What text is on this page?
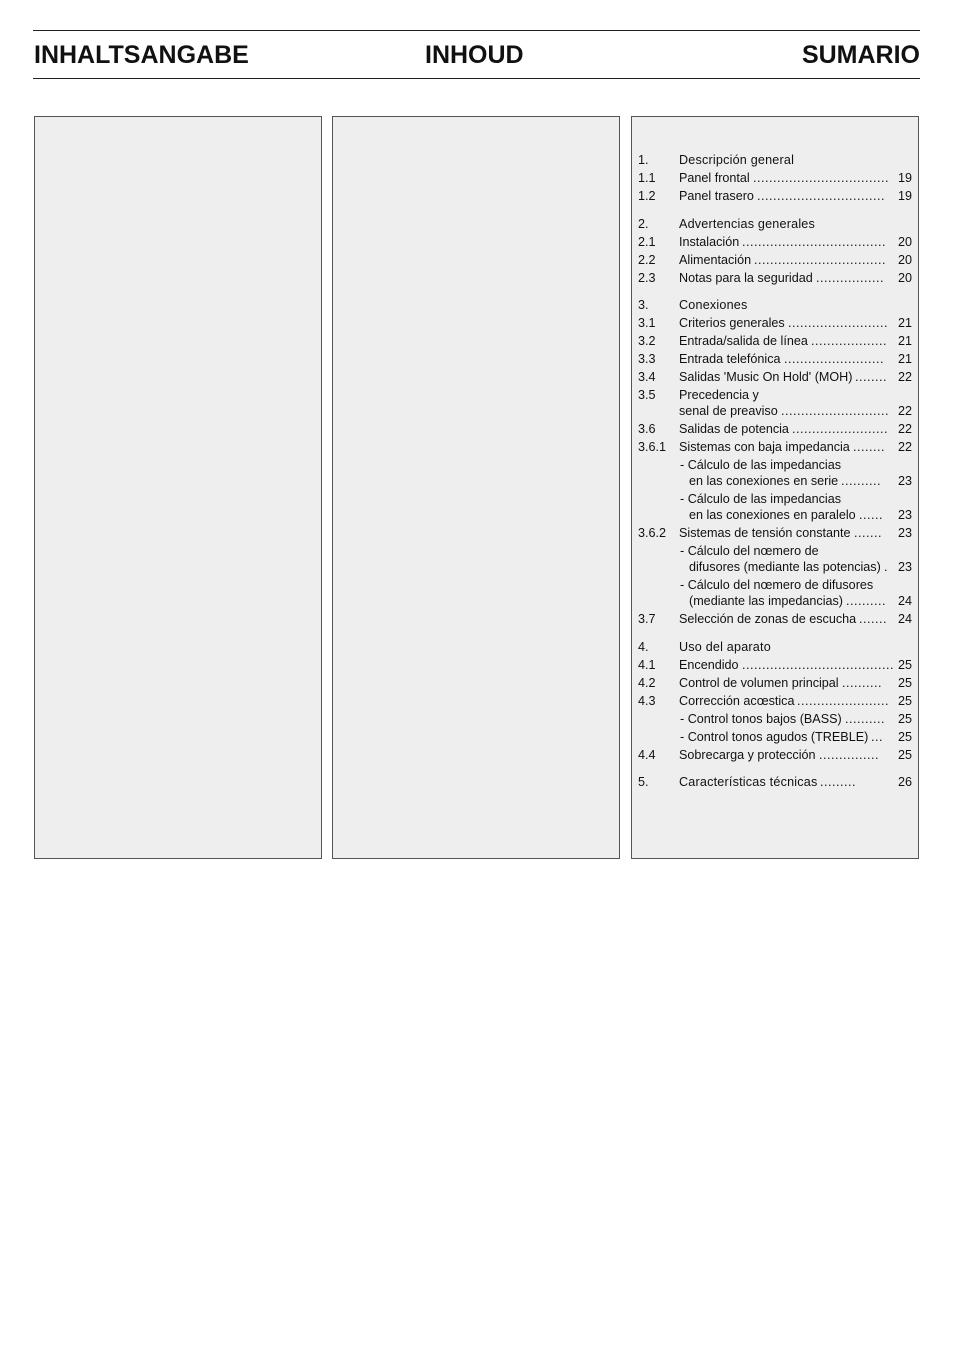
INHALTSANGABE	INHOUD	SUMARIO
1. Descripción general
1.1 Panel frontal .................................. 19
1.2 Panel trasero ................................ 19
2. Advertencias generales
2.1 Instalación .................................... 20
2.2 Alimentación ................................. 20
2.3 Notas para la seguridad ................. 20
3. Conexiones
3.1 Criterios generales ......................... 21
3.2 Entrada/salida de línea ................... 21
3.3 Entrada telefónica ......................... 21
3.4 Salidas 'Music On Hold' (MOH) ........ 22
3.5 Precedencia y
senal de preaviso ........................... 22
3.6 Salidas de potencia ........................ 22
3.6.1 Sistemas con baja impedancia ........ 22
- Cálculo de las impedancias
en las conexiones en serie .......... 23
- Cálculo de las impedancias
en las conexiones en paralelo ...... 23
3.6.2 Sistemas de tensión constante ....... 23
- Cálculo del nœmero de
difusores (mediante las potencias) . 23
- Cálculo del nœmero de difusores
(mediante las impedancias) .......... 24
3.7 Selección de zonas de escucha ....... 24
4. Uso del aparato
4.1 Encendido ...................................... 25
4.2 Control de volumen principal .......... 25
4.3 Corrección acœstica ....................... 25
- Control tonos bajos (BASS) .......... 25
- Control tonos agudos (TREBLE) ... 25
4.4 Sobrecarga y protección ............... 25
5. Características técnicas .........	26
